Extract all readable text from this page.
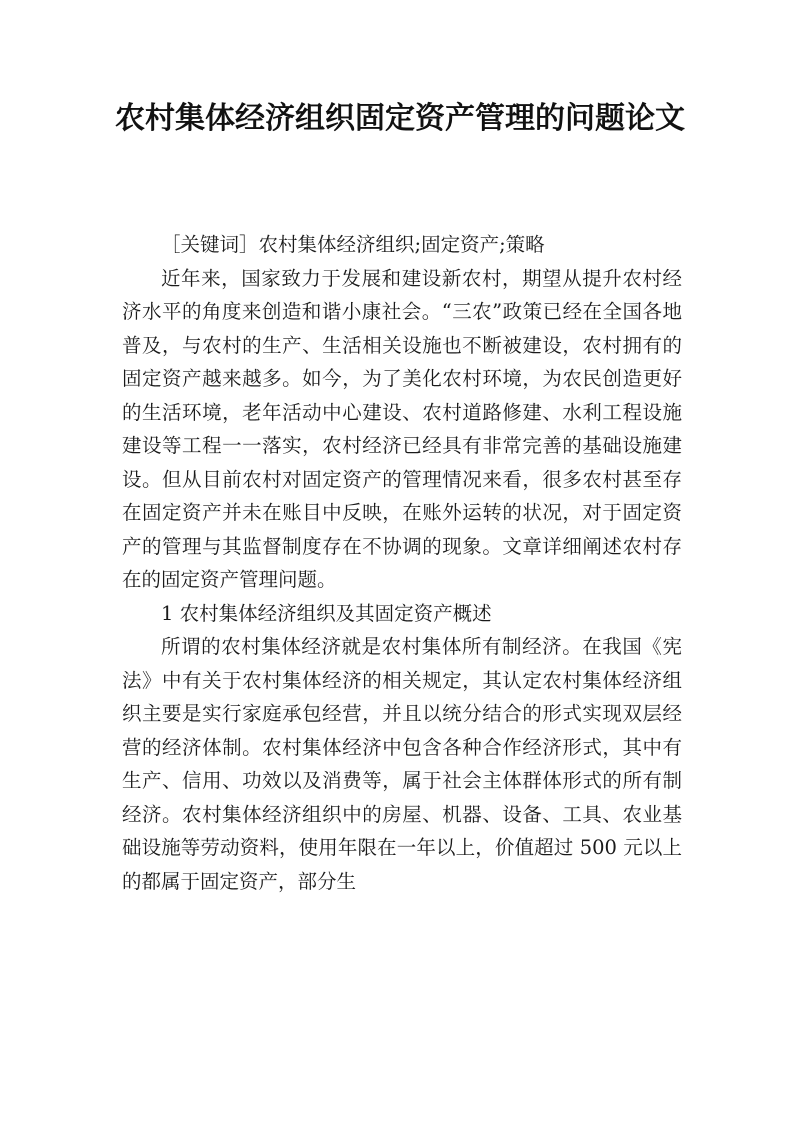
农村集体经济组织固定资产管理的问题论文

［关键词］农村集体经济组织;固定资产;策略

近年来，国家致力于发展和建设新农村，期望从提升农村经济水平的角度来创造和谐小康社会。“三农”政策已经在全国各地普及，与农村的生产、生活相关设施也不断被建设，农村拥有的固定资产越来越多。如今，为了美化农村环境，为农民创造更好的生活环境，老年活动中心建设、农村道路修建、水利工程设施建设等工程一一落实，农村经济已经具有非常完善的基础设施建设。但从目前农村对固定资产的管理情况来看，很多农村甚至存在固定资产并未在账目中反映，在账外运转的状况，对于固定资产的管理与其监督制度存在不协调的现象。文章详细阐述农村存在的固定资产管理问题。

1 农村集体经济组织及其固定资产概述

所谓的农村集体经济就是农村集体所有制经济。在我国《宪法》中有关于农村集体经济的相关规定，其认定农村集体经济组织主要是实行家庭承包经营，并且以统分结合的形式实现双层经营的经济体制。农村集体经济中包含各种合作经济形式，其中有生产、信用、功效以及消费等，属于社会主体群体形式的所有制经济。农村集体经济组织中的房屋、机器、设备、工具、农业基础设施等劳动资料，使用年限在一年以上，价值超过 500 元以上的都属于固定资产，部分生
